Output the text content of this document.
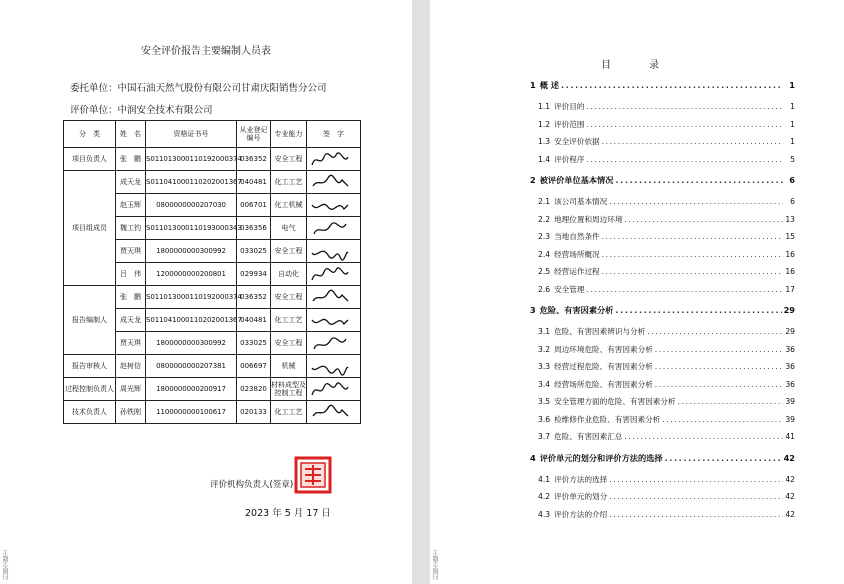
安全评价报告主要编制人员表
委托单位：中国石油天然气股份有限公司甘肃庆阳销售分公司
评价单位：中润安全技术有限公司
分　类	姓　名	资格证书号	从业登记编号	专业能力	签　字
项目负责人	张　鹏	S011013000110192000374	036352	安全工程	

项目组成员	成天龙	S011041000110202001367	040481	化工工艺	

	赵玉辉	0800000000207030	006701	化工机械	

	魏工钧	S011013000110193000343	036356	电气	

	贾天琪	1800000000300992	033025	安全工程	

	吕　伟	1200000000200801	029934	自动化	

报告编制人	张　鹏	S011013000110192000374	036352	安全工程	

	成天龙	S011041000110202001367	040481	化工工艺	

	贾天琪	1800000000300992	033025	安全工程	

报告审核人	赵树信	0800000000207381	006697	机械	

过程控制负责人	周光辉	1800000000200917	023820	材料成型及控制工程	

技术负责人	孙铁刚	1100000000100617	020133	化工工艺	
评价机构负责人(签章)
2023 年 5 月 17 日
扫描全能王
目　录
1 概 述 .....	1
1.1 评价目的 .....	1
1.2 评价范围 .....	1
1.3 安全评价依据 .....	1
1.4 评价程序 .....	5
2 被评价单位基本情况 .....	6
2.1 该公司基本情况 .....	6
2.2 地理位置和周边环境 .....	13
2.3 当地自然条件 .....	15
2.4 经营场所概况 .....	16
2.5 经营运作过程 .....	16
2.6 安全管理 .....	17
3 危险、有害因素分析 .....	29
3.1 危险、有害因素辨识与分析 .....	29
3.2 周边环境危险、有害因素分析 .....	36
3.3 经营过程危险、有害因素分析 .....	36
3.4 经营场所危险、有害因素分析 .....	36
3.5 安全管理方面的危险、有害因素分析 .....	39
3.6 检维修作业危险、有害因素分析 .....	39
3.7 危险、有害因素汇总 .....	41
4 评价单元的划分和评价方法的选择 .....	42
4.1 评价方法的选择 .....	42
4.2 评价单元的划分 .....	42
4.3 评价方法的介绍 .....	42
扫描全能王
